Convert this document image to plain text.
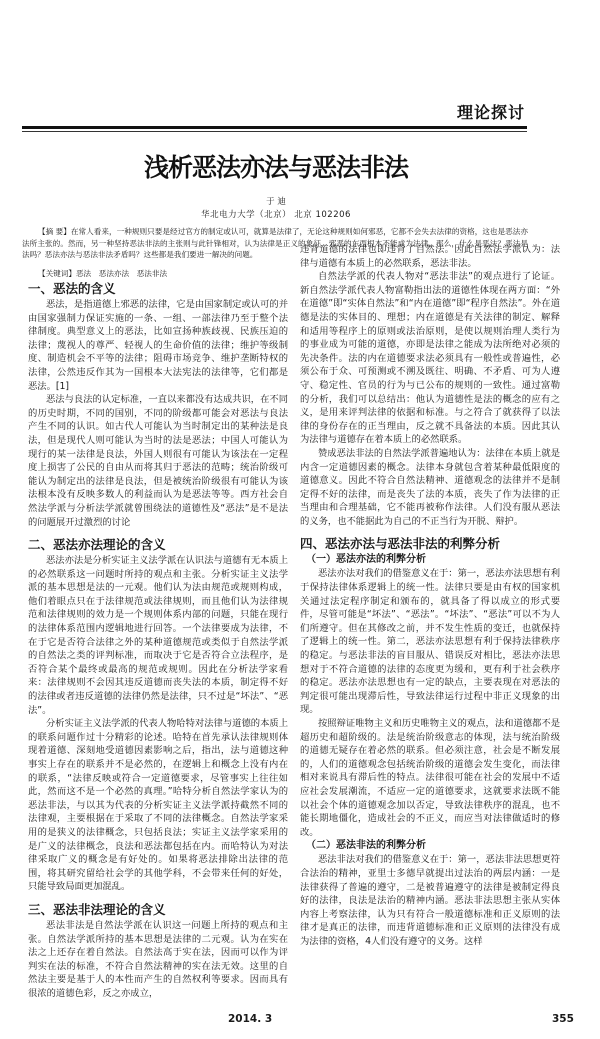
理论探讨
浅析恶法亦法与恶法非法
于 迪
华北电力大学（北京） 北京 102206
【摘 要】在常人看来，一种规则只要是经过官方的制定或认可，就算是法律了，无论这种规则如何邪恶，它都不会失去法律的资格，这也是恶法亦法所主张的。然而，另一种坚持恶法非法的主张则与此针锋相对，认为法律是正义的象征，邪恶的东西根本不能成为法律。那么，什么是恶法？恶法是法吗？恶法亦法与恶法非法矛盾吗？这些都是我们要进一解决的问题。
【关键词】恶法　恶法亦法　恶法非法
一、恶法的含义

恶法，是指道德上邪恶的法律，它是由国家制定或认可的并由国家强制力保证实施的一条、一组、一部法律乃至于整个法律制度。典型意义上的恶法，比如宣扬种族歧视、民族压迫的法律；蔑视人的尊严、轻视人的生命价值的法律；维护等级制度、制造机会不平等的法律；阻碍市场竞争、维护垄断特权的法律，公然违反作其为一国根本大法宪法的法律等，它们都是恶法。[1]

恶法与良法的认定标准，一直以来都没有达成共识，在不同的历史时期，不同的国别，不同的阶级都可能会对恶法与良法产生不同的认识。如古代人可能认为当时制定出的某种法是良法，但是现代人则可能认为当时的法是恶法；中国人可能认为现行的某一法律是良法，外国人则很有可能认为该法在一定程度上损害了公民的自由从而将其归于恶法的范畴；统治阶级可能认为制定出的法律是良法，但是被统治阶级很有可能认为该法根本没有反映多数人的利益而认为是恶法等等。西方社会自然法学派与分析法学派就曾围绕法的道德性及“恶法”是不是法的问题展开过激烈的讨论

二、恶法亦法理论的含义

恶法亦法是分析实证主义法学派在认识法与道德有无本质上的必然联系这一问题时所持的观点和主张。分析实证主义法学派的基本思想是法的一元观。他们认为法由规范或规则构成，他们着眼点只在于法律规范或法律规则，而且他们认为法律规范和法律规则的效力是一个规则体系内部的问题，只能在现行的法律体系范围内逻辑地进行回答。一个法律要成为法律，不在于它是否符合法律之外的某种道德规范或类似于自然法学派的自然法之类的评判标准，而取决于它是否符合立法程序，是否符合某个最终或最高的规范或规则。因此在分析法学家看来：法律规则不会因其违反道德而丧失法的本质，制定得不好的法律或者违反道德的法律仍然是法律，只不过是“坏法”、“恶法”。

分析实证主义法学派的代表人物哈特对法律与道德的本质上的联系问题作过十分精彩的论述。哈特在首先承认法律规则体现着道德、深刻地受道德因素影响之后，指出，法与道德这种事实上存在的联系并不是必然的，在逻辑上和概念上没有内在的联系，“法律反映或符合一定道德要求，尽管事实上往往如此，然而这不是一个必然的真理。”哈特分析自然法学家认为的恶法非法，与以其为代表的分析实证主义法学派持截然不同的法律观，主要根据在于采取了不同的法律概念。自然法学家采用的是狭义的法律概念，只包括良法；实证主义法学家采用的是广义的法律概念，良法和恶法都包括在内。而哈特认为对法律采取广义的概念是有好处的。如果将恶法排除出法律的范围，将其研究留给社会学的其他学科，不会带来任何的好处，只能导致局面更加混乱。

三、恶法非法理论的含义

恶法非法是自然法学派在认识这一问题上所持的观点和主张。自然法学派所持的基本思想是法律的二元观。认为在实在法之上还存在着自然法。自然法高于实在法，因而可以作为评判实在法的标准，不符合自然法精神的实在法无效。这里的自然法主要是基于人的本性而产生的自然权利等要求。因而具有很浓的道德色彩，反之亦成立，

违背道德的法律也即违背了自然法。因此自然法学派认为：法律与道德有本质上的必然联系，恶法非法。

自然法学派的代表人物对“恶法非法”的观点进行了论证。新自然法学派代表人物富勒指出法的道德性体现在两方面：“外在道德”即“实体自然法”和“内在道德”即“程序自然法”。外在道德是法的实体目的、理想；内在道德是有关法律的制定、解释和适用等程序上的原则或法治原则，是使以规则治理人类行为的事业成为可能的道德，亦即是法律之能成为法所绝对必须的先决条件。法的内在道德要求法必须具有一般性或普遍性，必须公布于众、可预测或不溯及既往、明确、不矛盾、可为人遵守、稳定性、官员的行为与已公布的规则的一致性。通过富勒的分析，我们可以总结出：他认为道德性是法的概念的应有之义，是用来评判法律的依据和标准。与之符合了就获得了以法律的身份存在的正当理由，反之就不具备法的本质。因此其认为法律与道德存在着本质上的必然联系。

赞成恶法非法的自然法学派普遍地认为：法律在本质上就是内含一定道德因素的概念。法律本身就包含着某种最低限度的道德意义。因此不符合自然法精神、道德观念的法律并不是制定得不好的法律，而是丧失了法的本质，丧失了作为法律的正当理由和合理基础，它不能再被称作法律。人们没有服从恶法的义务，也不能据此为自己的不正当行为开脱、辩护。

四、恶法亦法与恶法非法的利弊分析
（一）恶法亦法的利弊分析

恶法亦法对我们的借鉴意义在于：第一，恶法亦法思想有利于保持法律体系逻辑上的统一性。法律只要是由有权的国家机关通过法定程序制定和颁布的，就具备了得以成立的形式要件，尽管可能是“坏法”、“恶法”。“坏法”、“恶法”可以不为人们所遵守。但在其修改之前，并不发生性质的变迁，也就保持了逻辑上的统一性。第二，恶法亦法思想有利于保持法律秩序的稳定。与恶法非法的盲目服从、错误反对相比，恶法亦法思想对于不符合道德的法律的态度更为缓和，更有利于社会秩序的稳定。恶法亦法思想也有一定的缺点，主要表现在对恶法的判定很可能出现滞后性，导致法律运行过程中非正义现象的出现。

按照辩证唯物主义和历史唯物主义的观点，法和道德都不是超历史和超阶级的。法是统治阶级意志的体现，法与统治阶级的道德无疑存在着必然的联系。但必须注意，社会是不断发展的，人们的道德观念包括统治阶级的道德会发生变化，而法律相对来说具有滞后性的特点。法律很可能在社会的发展中不适应社会发展潮流，不适应一定的道德要求，这就要求法既不能以社会个体的道德观念加以否定，导致法律秩序的混乱，也不能长期地僵化，造成社会的不正义，而应当对法律做适时的修改。

（二）恶法非法的利弊分析

恶法非法对我们的借鉴意义在于：第一，恶法非法思想更符合法治的精神，亚里士多德早就提出过法治的两层内涵：一是法律获得了普遍的遵守，二是被普遍遵守的法律是被制定得良好的法律，良法是法治的精神内涵。恶法非法思想主张从实体内容上考察法律，认为只有符合一般道德标准和正义原则的法律才是真正的法律，而违背道德标准和正义原则的法律没有成为法律的资格，4人们没有遵守的义务。这样

2014. 3	355
